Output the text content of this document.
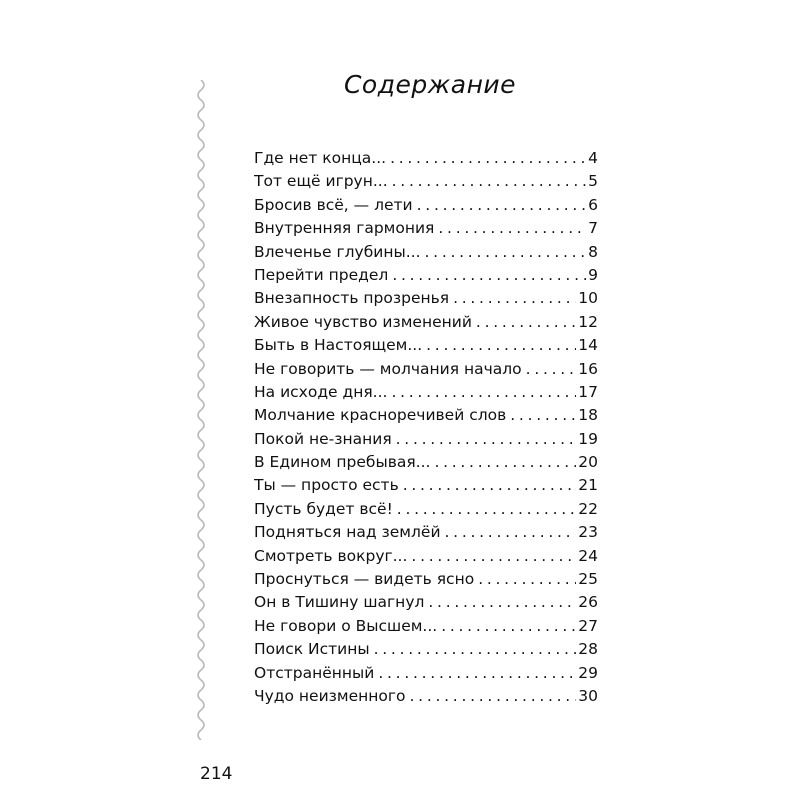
Содержание
Где нет конца... . . .	4
Тот ещё игрун... . . .	5
Бросив всё, — лети . . .	6
Внутренняя гармония . . .	7
Влеченье глубины... . . .	8
Перейти предел . . .	9
Внезапность прозренья . . .	10
Живое чувство изменений . . .	12
Быть в Настоящем... . . .	14
Не говорить — молчания начало . . .	16
На исходе дня... . . .	17
Молчание красноречивей слов . . .	18
Покой не-знания . . .	19
В Едином пребывая... . . .	20
Ты — просто есть . . .	21
Пусть будет всё! . . .	22
Подняться над землёй . . .	23
Смотреть вокруг... . . .	24
Проснуться — видеть ясно . . .	25
Он в Тишину шагнул . . .	26
Не говори о Высшем... . . .	27
Поиск Истины . . .	28
Отстранённый . . .	29
Чудо неизменного . . .	30
214
